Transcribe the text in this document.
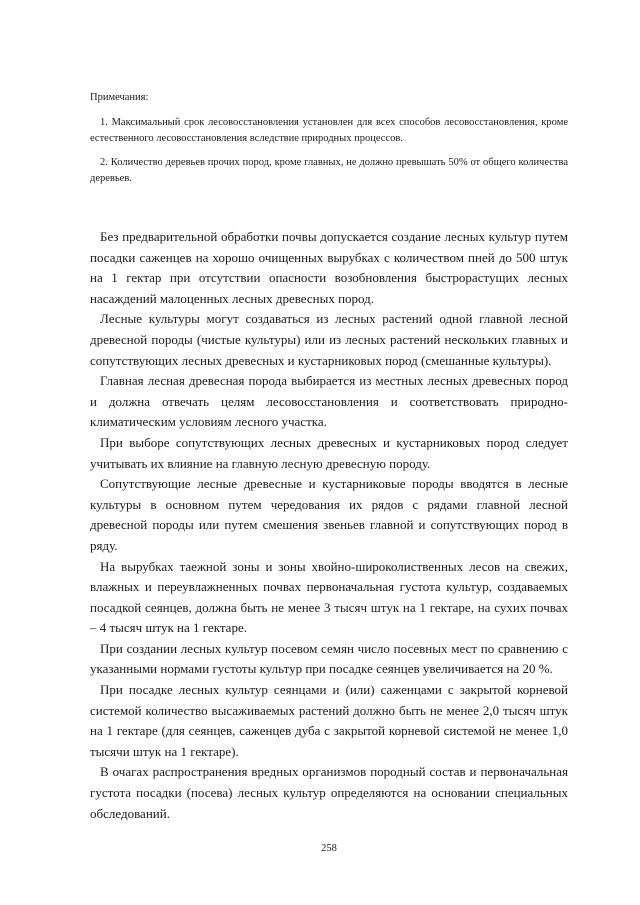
Примечания:

1. Максимальный срок лесовосстановления установлен для всех способов лесовосстановления, кроме естественного лесовосстановления вследствие природных процессов.

2. Количество деревьев прочих пород, кроме главных, не должно превышать 50% от общего количества деревьев.

Без предварительной обработки почвы допускается создание лесных культур путем посадки саженцев на хорошо очищенных вырубках с количеством пней до 500 штук на 1 гектар при отсутствии опасности возобновления быстрорастущих лесных насаждений малоценных лесных древесных пород.

Лесные культуры могут создаваться из лесных растений одной главной лесной древесной породы (чистые культуры) или из лесных растений нескольких главных и сопутствующих лесных древесных и кустарниковых пород (смешанные культуры).

Главная лесная древесная порода выбирается из местных лесных древесных пород и должна отвечать целям лесовосстановления и соответствовать природно-климатическим условиям лесного участка.

При выборе сопутствующих лесных древесных и кустарниковых пород следует учитывать их влияние на главную лесную древесную породу.

Сопутствующие лесные древесные и кустарниковые породы вводятся в лесные культуры в основном путем чередования их рядов с рядами главной лесной древесной породы или путем смешения звеньев главной и сопутствующих пород в ряду.

На вырубках таежной зоны и зоны хвойно-широколиственных лесов на свежих, влажных и переувлажненных почвах первоначальная густота культур, создаваемых посадкой сеянцев, должна быть не менее 3 тысяч штук на 1 гектаре, на сухих почвах – 4 тысяч штук на 1 гектаре.

При создании лесных культур посевом семян число посевных мест по сравнению с указанными нормами густоты культур при посадке сеянцев увеличивается на 20 %.

При посадке лесных культур сеянцами и (или) саженцами с закрытой корневой системой количество высаживаемых растений должно быть не менее 2,0 тысяч штук на 1 гектаре (для сеянцев, саженцев дуба с закрытой корневой системой не менее 1,0 тысячи штук на 1 гектаре).

В очагах распространения вредных организмов породный состав и первоначальная густота посадки (посева) лесных культур определяются на основании специальных обследований.

258
